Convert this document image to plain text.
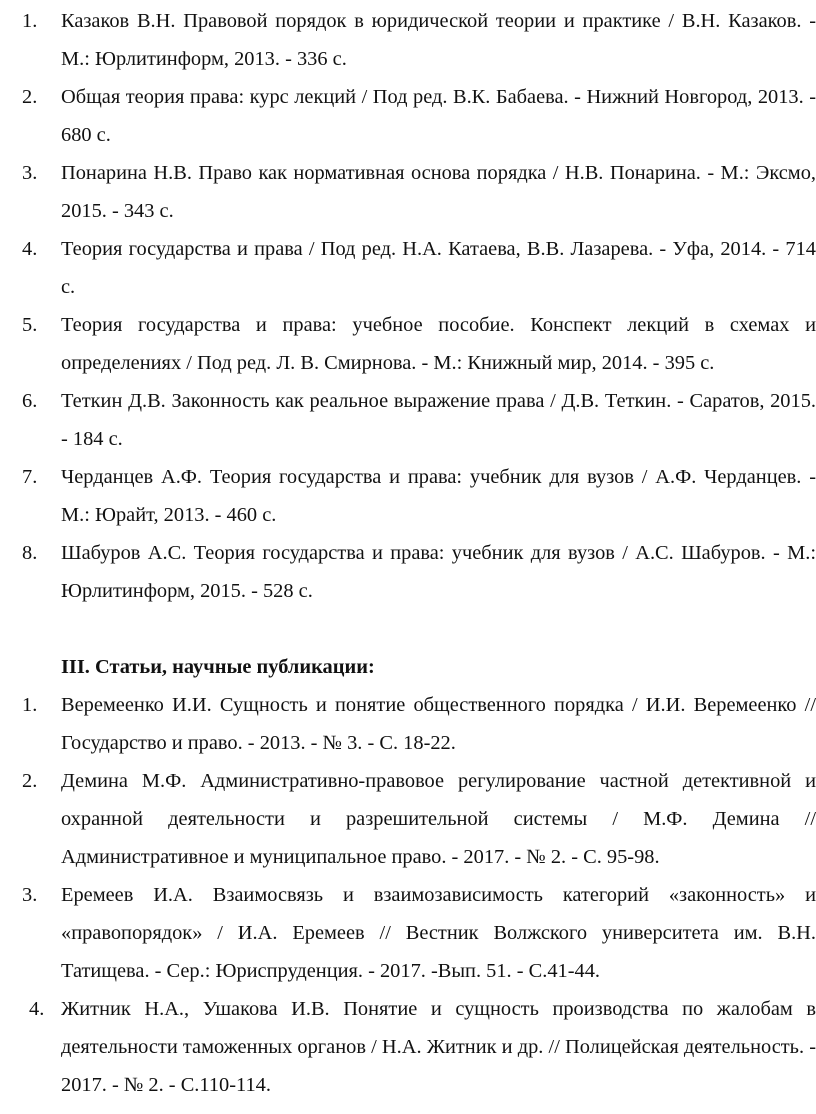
1. Казаков В.Н. Правовой порядок в юридической теории и практике / В.Н. Казаков. - М.: Юрлитинформ, 2013. - 336 с.
2. Общая теория права: курс лекций / Под ред. В.К. Бабаева. - Нижний Новгород, 2013. - 680 с.
3. Понарина Н.В. Право как нормативная основа порядка / Н.В. Понарина. - М.: Эксмо, 2015. - 343 с.
4. Теория государства и права / Под ред. Н.А. Катаева, В.В. Лазарева. - Уфа, 2014. - 714 с.
5. Теория государства и права: учебное пособие. Конспект лекций в схемах и определениях / Под ред. Л. В. Смирнова. - М.: Книжный мир, 2014. - 395 с.
6. Теткин Д.В. Законность как реальное выражение права / Д.В. Теткин. - Саратов, 2015. - 184 с.
7. Черданцев А.Ф. Теория государства и права: учебник для вузов / А.Ф. Черданцев. - М.: Юрайт, 2013. - 460 с.
8. Шабуров А.С. Теория государства и права: учебник для вузов / А.С. Шабуров. - М.: Юрлитинформ, 2015. - 528 с.
III. Статьи, научные публикации:
1. Веремеенко И.И. Сущность и понятие общественного порядка / И.И. Веремеенко // Государство и право. - 2013. - № 3. - С. 18-22.
2. Демина М.Ф. Административно-правовое регулирование частной детективной и охранной деятельности и разрешительной системы / М.Ф. Демина // Административное и муниципальное право. - 2017. - № 2. - С. 95-98.
3. Еремеев И.А. Взаимосвязь и взаимозависимость категорий «законность» и «правопорядок» / И.А. Еремеев // Вестник Волжского университета им. В.Н. Татищева. - Сер.: Юриспруденция. - 2017. -Вып. 51. - С.41-44.
4. Житник Н.А., Ушакова И.В. Понятие и сущность производства по жалобам в деятельности таможенных органов / Н.А. Житник и др. // Полицейская деятельность. - 2017. - № 2. - С.110-114.
